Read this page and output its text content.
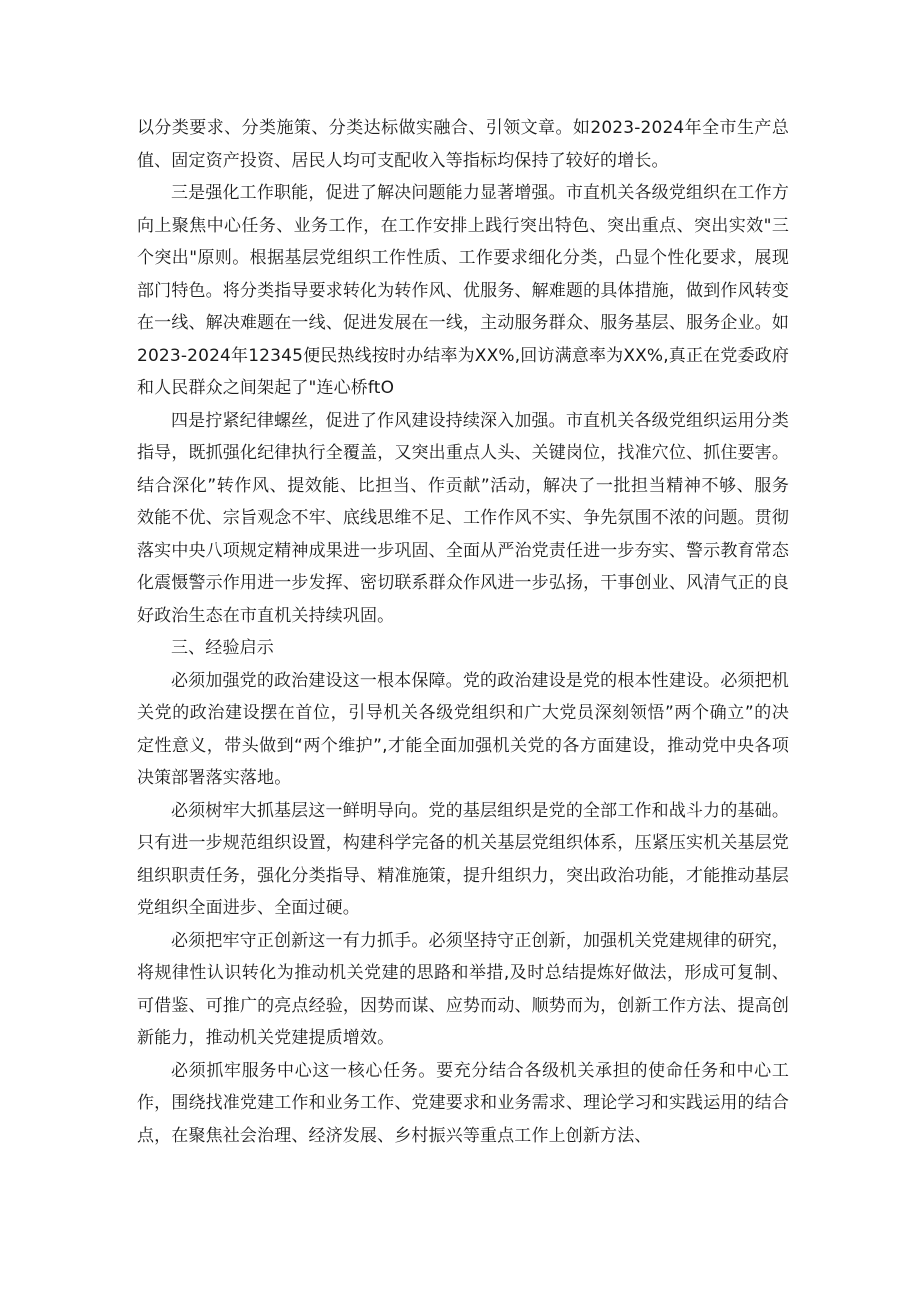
以分类要求、分类施策、分类达标做实融合、引领文章。如2023-2024年全市生产总值、固定资产投资、居民人均可支配收入等指标均保持了较好的增长。

三是强化工作职能，促进了解决问题能力显著增强。市直机关各级党组织在工作方向上聚焦中心任务、业务工作，在工作安排上践行突出特色、突出重点、突出实效"三个突出"原则。根据基层党组织工作性质、工作要求细化分类，凸显个性化要求，展现部门特色。将分类指导要求转化为转作风、优服务、解难题的具体措施，做到作风转变在一线、解决难题在一线、促进发展在一线，主动服务群众、服务基层、服务企业。如2023-2024年12345便民热线按时办结率为XX%,回访满意率为XX%,真正在党委政府和人民群众之间架起了"连心桥ftO

四是拧紧纪律螺丝，促进了作风建设持续深入加强。市直机关各级党组织运用分类指导，既抓强化纪律执行全覆盖，又突出重点人头、关键岗位，找准穴位、抓住要害。结合深化”转作风、提效能、比担当、作贡献”活动，解决了一批担当精神不够、服务效能不优、宗旨观念不牢、底线思维不足、工作作风不实、争先氛围不浓的问题。贯彻落实中央八项规定精神成果进一步巩固、全面从严治党责任进一步夯实、警示教育常态化震慑警示作用进一步发挥、密切联系群众作风进一步弘扬，干事创业、风清气正的良好政治生态在市直机关持续巩固。

三、经验启示

必须加强党的政治建设这一根本保障。党的政治建设是党的根本性建设。必须把机关党的政治建设摆在首位，引导机关各级党组织和广大党员深刻领悟”两个确立”的决定性意义，带头做到“两个维护”,才能全面加强机关党的各方面建设，推动党中央各项决策部署落实落地。

必须树牢大抓基层这一鲜明导向。党的基层组织是党的全部工作和战斗力的基础。只有进一步规范组织设置，构建科学完备的机关基层党组织体系，压紧压实机关基层党组织职责任务，强化分类指导、精准施策，提升组织力，突出政治功能，才能推动基层党组织全面进步、全面过硬。

必须把牢守正创新这一有力抓手。必须坚持守正创新，加强机关党建规律的研究，将规律性认识转化为推动机关党建的思路和举措,及时总结提炼好做法，形成可复制、可借鉴、可推广的亮点经验，因势而谋、应势而动、顺势而为，创新工作方法、提高创新能力，推动机关党建提质增效。

必须抓牢服务中心这一核心任务。要充分结合各级机关承担的使命任务和中心工作，围绕找准党建工作和业务工作、党建要求和业务需求、理论学习和实践运用的结合点，在聚焦社会治理、经济发展、乡村振兴等重点工作上创新方法、
